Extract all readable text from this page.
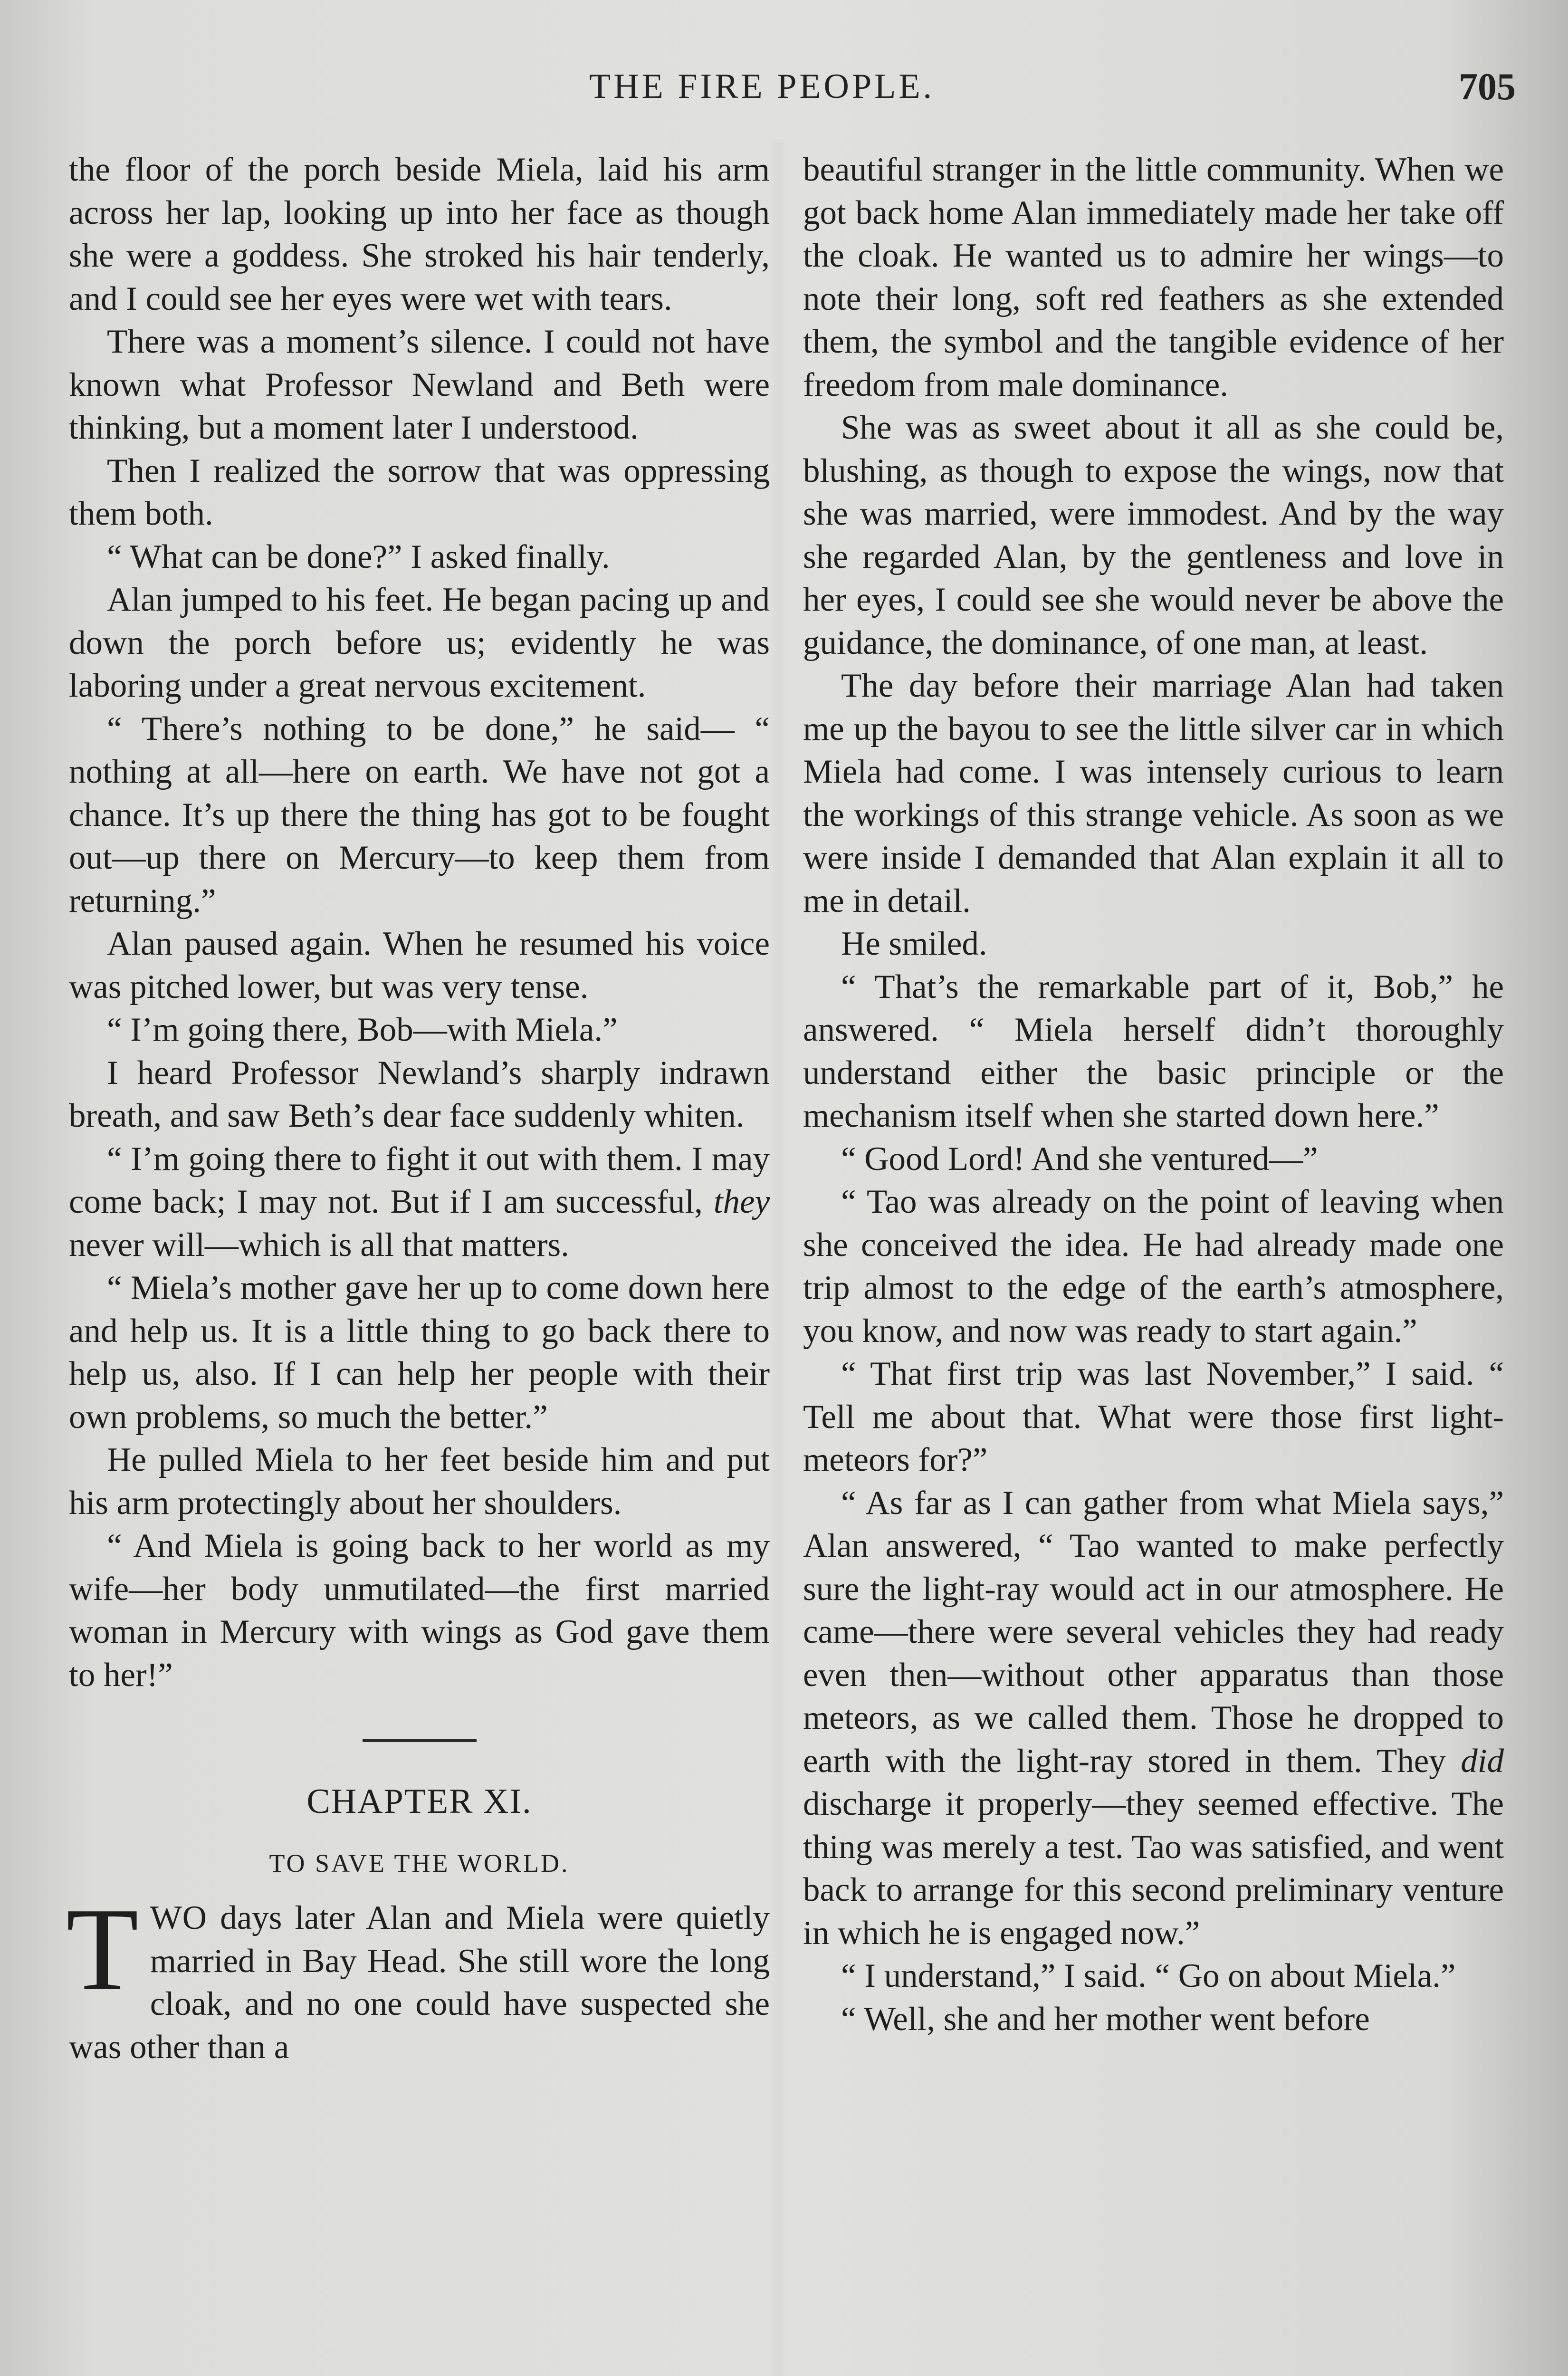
THE FIRE PEOPLE.	705

the floor of the porch beside Miela, laid his arm across her lap, looking up into her face as though she were a goddess. She stroked his hair tenderly, and I could see her eyes were wet with tears.

There was a moment’s silence. I could not have known what Professor Newland and Beth were thinking, but a moment later I understood.

Then I realized the sorrow that was oppressing them both.

“ What can be done?” I asked finally.

Alan jumped to his feet. He began pacing up and down the porch before us; evidently he was laboring under a great nervous excitement.

“ There’s nothing to be done,” he said— “ nothing at all—here on earth. We have not got a chance. It’s up there the thing has got to be fought out—up there on Mercury—to keep them from returning.”

Alan paused again. When he resumed his voice was pitched lower, but was very tense.

“ I’m going there, Bob—with Miela.”

I heard Professor Newland’s sharply indrawn breath, and saw Beth’s dear face suddenly whiten.

“ I’m going there to fight it out with them. I may come back; I may not. But if I am successful, they never will—which is all that matters.

“ Miela’s mother gave her up to come down here and help us. It is a little thing to go back there to help us, also. If I can help her people with their own problems, so much the better.”

He pulled Miela to her feet beside him and put his arm protectingly about her shoulders.

“ And Miela is going back to her world as my wife—her body unmutilated—the first married woman in Mercury with wings as God gave them to her!”

CHAPTER XI.
TO SAVE THE WORLD.

TWO days later Alan and Miela were quietly married in Bay Head. She still wore the long cloak, and no one could have suspected she was other than a

beautiful stranger in the little community. When we got back home Alan immediately made her take off the cloak. He wanted us to admire her wings—to note their long, soft red feathers as she extended them, the symbol and the tangible evidence of her freedom from male dominance.

She was as sweet about it all as she could be, blushing, as though to expose the wings, now that she was married, were immodest. And by the way she regarded Alan, by the gentleness and love in her eyes, I could see she would never be above the guidance, the dominance, of one man, at least.

The day before their marriage Alan had taken me up the bayou to see the little silver car in which Miela had come. I was intensely curious to learn the workings of this strange vehicle. As soon as we were inside I demanded that Alan explain it all to me in detail.

He smiled.

“ That’s the remarkable part of it, Bob,” he answered. “ Miela herself didn’t thoroughly understand either the basic principle or the mechanism itself when she started down here.”

“ Good Lord! And she ventured—”

“ Tao was already on the point of leaving when she conceived the idea. He had already made one trip almost to the edge of the earth’s atmosphere, you know, and now was ready to start again.”

“ That first trip was last November,” I said. “ Tell me about that. What were those first light-meteors for?”

“ As far as I can gather from what Miela says,” Alan answered, “ Tao wanted to make perfectly sure the light-ray would act in our atmosphere. He came—there were several vehicles they had ready even then—without other apparatus than those meteors, as we called them. Those he dropped to earth with the light-ray stored in them. They did discharge it properly—they seemed effective. The thing was merely a test. Tao was satisfied, and went back to arrange for this second preliminary venture in which he is engaged now.”

“ I understand,” I said. “ Go on about Miela.”

“ Well, she and her mother went before
